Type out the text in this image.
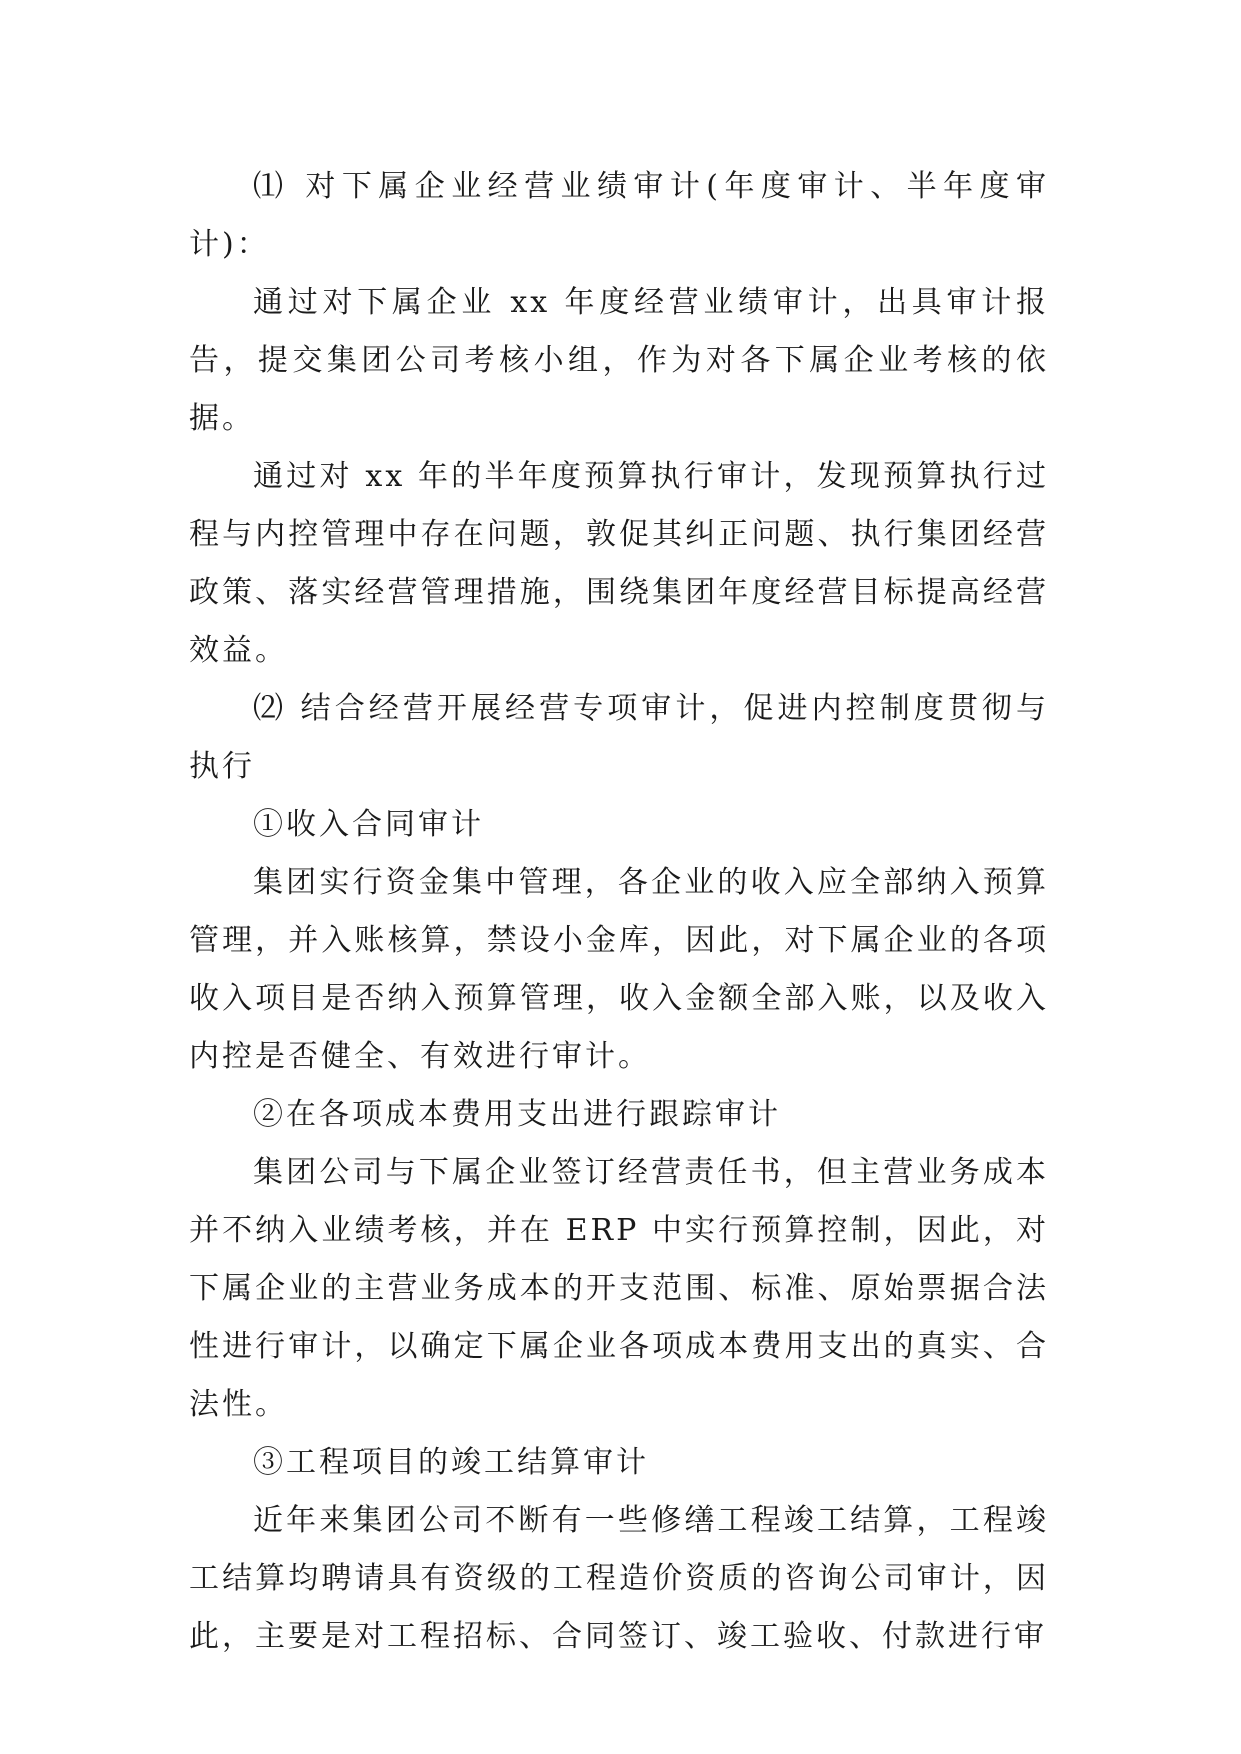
⑴ 对下属企业经营业绩审计(年度审计、半年度审计)：

通过对下属企业 xx 年度经营业绩审计，出具审计报告，提交集团公司考核小组，作为对各下属企业考核的依据。

通过对 xx 年的半年度预算执行审计，发现预算执行过程与内控管理中存在问题，敦促其纠正问题、执行集团经营政策、落实经营管理措施，围绕集团年度经营目标提高经营效益。

⑵ 结合经营开展经营专项审计，促进内控制度贯彻与执行

①收入合同审计

集团实行资金集中管理，各企业的收入应全部纳入预算管理，并入账核算，禁设小金库，因此，对下属企业的各项收入项目是否纳入预算管理，收入金额全部入账，以及收入内控是否健全、有效进行审计。

②在各项成本费用支出进行跟踪审计

集团公司与下属企业签订经营责任书，但主营业务成本并不纳入业绩考核，并在 ERP 中实行预算控制，因此，对下属企业的主营业务成本的开支范围、标准、原始票据合法性进行审计，以确定下属企业各项成本费用支出的真实、合法性。

③工程项目的竣工结算审计

近年来集团公司不断有一些修缮工程竣工结算，工程竣工结算均聘请具有资级的工程造价资质的咨询公司审计，因此，主要是对工程招标、合同签订、竣工验收、付款进行审
